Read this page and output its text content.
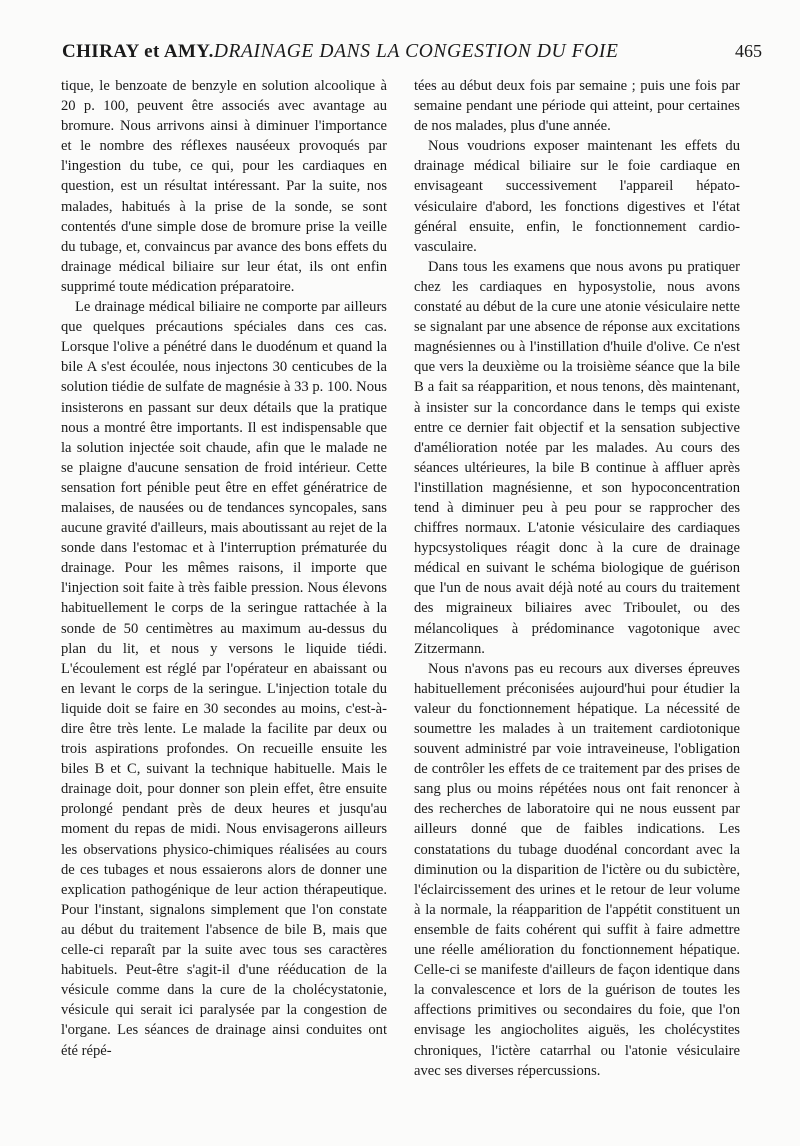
CHIRAY et AMY. DRAINAGE DANS LA CONGESTION DU FOIE	465

tique, le benzoate de benzyle en solution alcoolique à 20 p. 100, peuvent être associés avec avantage au bromure. Nous arrivons ainsi à diminuer l'importance et le nombre des réflexes nauséeux provoqués par l'ingestion du tube, ce qui, pour les cardiaques en question, est un résultat intéressant. Par la suite, nos malades, habitués à la prise de la sonde, se sont contentés d'une simple dose de bromure prise la veille du tubage, et, convaincus par avance des bons effets du drainage médical biliaire sur leur état, ils ont enfin supprimé toute médication préparatoire.

Le drainage médical biliaire ne comporte par ailleurs que quelques précautions spéciales dans ces cas. Lorsque l'olive a pénétré dans le duodénum et quand la bile A s'est écoulée, nous injectons 30 centicubes de la solution tiédie de sulfate de magnésie à 33 p. 100. Nous insisterons en passant sur deux détails que la pratique nous a montré être importants. Il est indispensable que la solution injectée soit chaude, afin que le malade ne se plaigne d'aucune sensation de froid intérieur. Cette sensation fort pénible peut être en effet génératrice de malaises, de nausées ou de tendances syncopales, sans aucune gravité d'ailleurs, mais aboutissant au rejet de la sonde dans l'estomac et à l'interruption prématurée du drainage. Pour les mêmes raisons, il importe que l'injection soit faite à très faible pression. Nous élevons habituellement le corps de la seringue rattachée à la sonde de 50 centimètres au maximum au-dessus du plan du lit, et nous y versons le liquide tiédi. L'écoulement est réglé par l'opérateur en abaissant ou en levant le corps de la seringue. L'injection totale du liquide doit se faire en 30 secondes au moins, c'est-à-dire être très lente. Le malade la facilite par deux ou trois aspirations profondes. On recueille ensuite les biles B et C, suivant la technique habituelle. Mais le drainage doit, pour donner son plein effet, être ensuite prolongé pendant près de deux heures et jusqu'au moment du repas de midi. Nous envisagerons ailleurs les observations physico-chimiques réalisées au cours de ces tubages et nous essaierons alors de donner une explication pathogénique de leur action thérapeutique. Pour l'instant, signalons simplement que l'on constate au début du traitement l'absence de bile B, mais que celle-ci reparaît par la suite avec tous ses caractères habituels. Peut-être s'agit-il d'une rééducation de la vésicule comme dans la cure de la cholécystatonie, vésicule qui serait ici paralysée par la congestion de l'organe. Les séances de drainage ainsi conduites ont été répé-

tées au début deux fois par semaine ; puis une fois par semaine pendant une période qui atteint, pour certaines de nos malades, plus d'une année.

Nous voudrions exposer maintenant les effets du drainage médical biliaire sur le foie cardiaque en envisageant successivement l'appareil hépato-vésiculaire d'abord, les fonctions digestives et l'état général ensuite, enfin, le fonctionnement cardio-vasculaire.

Dans tous les examens que nous avons pu pratiquer chez les cardiaques en hyposystolie, nous avons constaté au début de la cure une atonie vésiculaire nette se signalant par une absence de réponse aux excitations magnésiennes ou à l'instillation d'huile d'olive. Ce n'est que vers la deuxième ou la troisième séance que la bile B a fait sa réapparition, et nous tenons, dès maintenant, à insister sur la concordance dans le temps qui existe entre ce dernier fait objectif et la sensation subjective d'amélioration notée par les malades. Au cours des séances ultérieures, la bile B continue à affluer après l'instillation magnésienne, et son hypoconcentration tend à diminuer peu à peu pour se rapprocher des chiffres normaux. L'atonie vésiculaire des cardiaques hypcsystoliques réagit donc à la cure de drainage médical en suivant le schéma biologique de guérison que l'un de nous avait déjà noté au cours du traitement des migraineux biliaires avec Triboulet, ou des mélancoliques à prédominance vagotonique avec Zitzermann.

Nous n'avons pas eu recours aux diverses épreuves habituellement préconisées aujourd'hui pour étudier la valeur du fonctionnement hépatique. La nécessité de soumettre les malades à un traitement cardiotonique souvent administré par voie intraveineuse, l'obligation de contrôler les effets de ce traitement par des prises de sang plus ou moins répétées nous ont fait renoncer à des recherches de laboratoire qui ne nous eussent par ailleurs donné que de faibles indications. Les constatations du tubage duodénal concordant avec la diminution ou la disparition de l'ictère ou du subictère, l'éclaircissement des urines et le retour de leur volume à la normale, la réapparition de l'appétit constituent un ensemble de faits cohérent qui suffit à faire admettre une réelle amélioration du fonctionnement hépatique. Celle-ci se manifeste d'ailleurs de façon identique dans la convalescence et lors de la guérison de toutes les affections primitives ou secondaires du foie, que l'on envisage les angiocholites aiguës, les cholécystites chroniques, l'ictère catarrhal ou l'atonie vésiculaire avec ses diverses répercussions.
